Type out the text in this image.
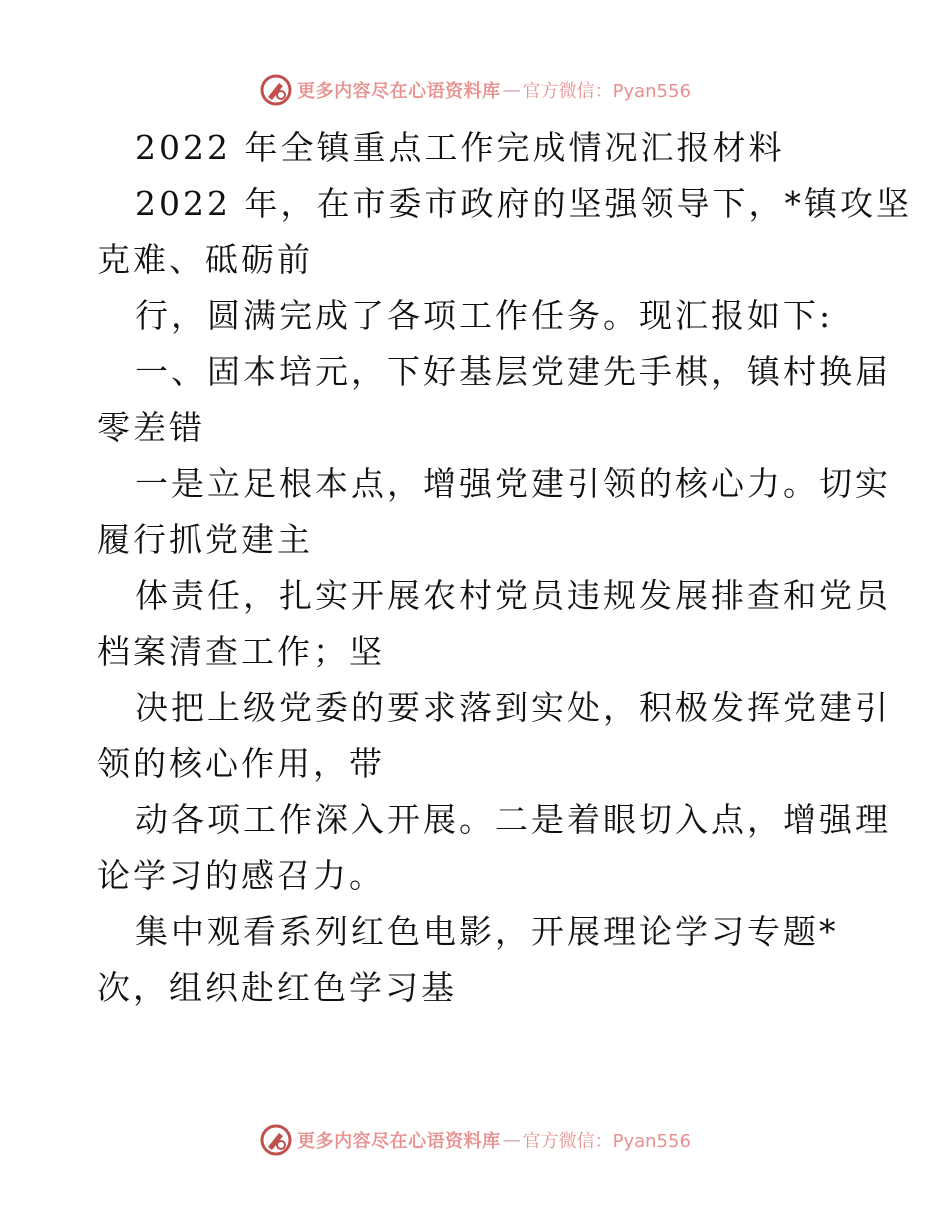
更多内容尽在心语资料库 — 官方微信：Pyan556
2022 年全镇重点工作完成情况汇报材料
2022 年，在市委市政府的坚强领导下，*镇攻坚
克难、砥砺前
行，圆满完成了各项工作任务。现汇报如下:
一、固本培元，下好基层党建先手棋，镇村换届
零差错
一是立足根本点，增强党建引领的核心力。切实
履行抓党建主
体责任，扎实开展农村党员违规发展排查和党员
档案清查工作；坚
决把上级党委的要求落到实处，积极发挥党建引
领的核心作用，带
动各项工作深入开展。二是着眼切入点，增强理
论学习的感召力。
集中观看系列红色电影，开展理论学习专题*
次，组织赴红色学习基
更多内容尽在心语资料库 — 官方微信：Pyan556
